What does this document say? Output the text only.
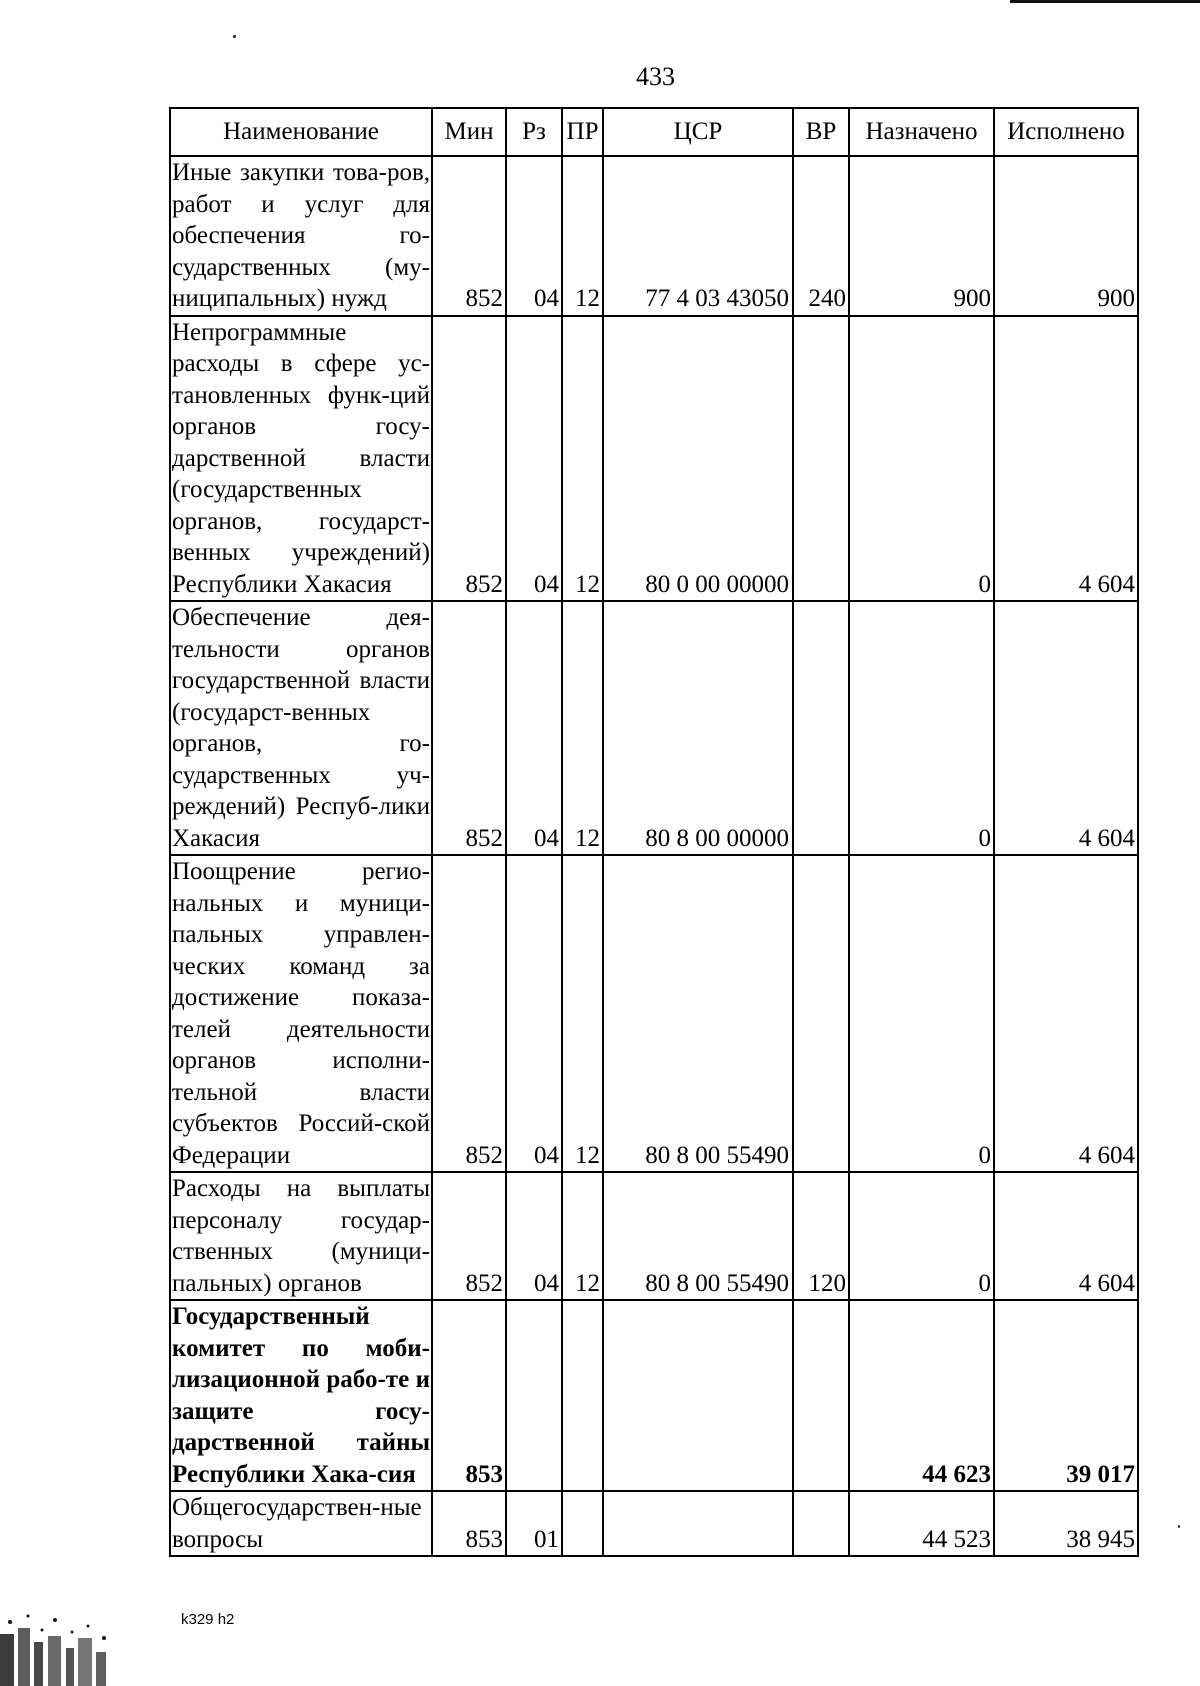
433
Наименование	Мин	Рз	ПР	ЦСР	ВР	Назначено	Исполнено
Иные закупки това-ров, работ и услуг для обеспечения го-сударственных (му-ниципальных) нужд	852	04	12	77 4 03 43050	240	900	900
Непрограммные расходы в сфере ус-тановленных функ-ций органов госу-дарственной власти (государственных органов, государст-венных учреждений) Республики Хакасия	852	04	12	80 0 00 00000		0	4 604
Обеспечение дея-тельности органов государственной власти (государст-венных органов, го-сударственных уч-реждений) Респуб-лики Хакасия	852	04	12	80 8 00 00000		0	4 604
Поощрение регио-нальных и муници-пальных управлен-ческих команд за достижение показа-телей деятельности органов исполни-тельной власти субъектов Россий-ской Федерации	852	04	12	80 8 00 55490		0	4 604
Расходы на выплаты персоналу государ-ственных (муници-пальных) органов	852	04	12	80 8 00 55490	120	0	4 604
Государственный комитет по моби-лизационной рабо-те и защите госу-дарственной тайны Республики Хака-сия	853					44 623	39 017
Общегосударствен-ные вопросы	853	01				44 523	38 945
k329 h2
